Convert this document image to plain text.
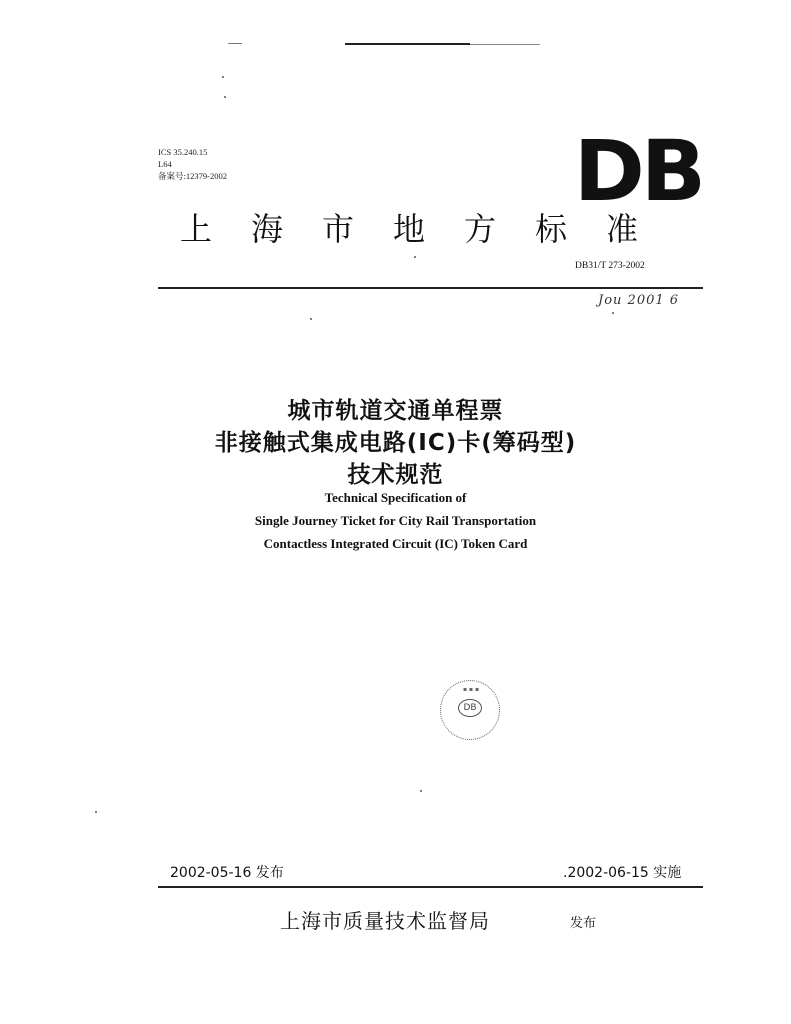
ICS 35.240.15
L64
备案号:12379-2002	DB
上海市地方标准
DB31/T 273-2002
Jou 2001 6
城市轨道交通单程票
非接触式集成电路(IC)卡(筹码型)
技术规范
Technical Specification of
Single Journey Ticket for City Rail Transportation
Contactless Integrated Circuit (IC) Token Card
▪ ▪ ▪
DB
2002-05-16 发布	.2002-06-15 实施
上海市质量技术监督局	发布
